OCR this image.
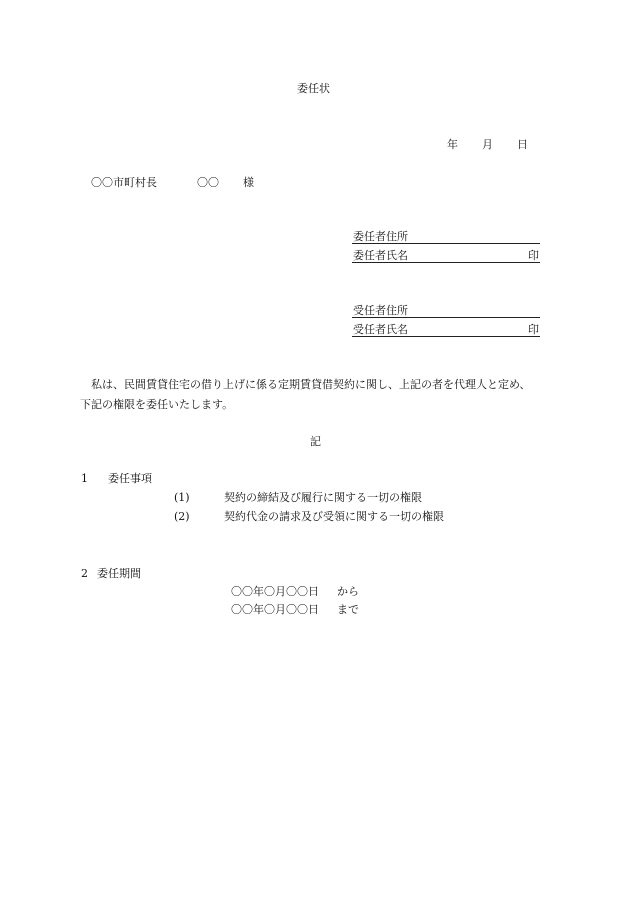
委任状
年 月 日
〇〇市町村長	〇〇 様
委任者住所
委任者氏名	印
受任者住所
受任者氏名	印
私は、民間賃貸住宅の借り上げに係る定期賃貸借契約に関し、上記の者を代理人と定め、
下記の権限を委任いたします。
記
1 委任事項
(1)	契約の締結及び履行に関する一切の権限
(2)	契約代金の請求及び受領に関する一切の権限
2 委任期間
〇〇年〇月〇〇日 から
〇〇年〇月〇〇日 まで
